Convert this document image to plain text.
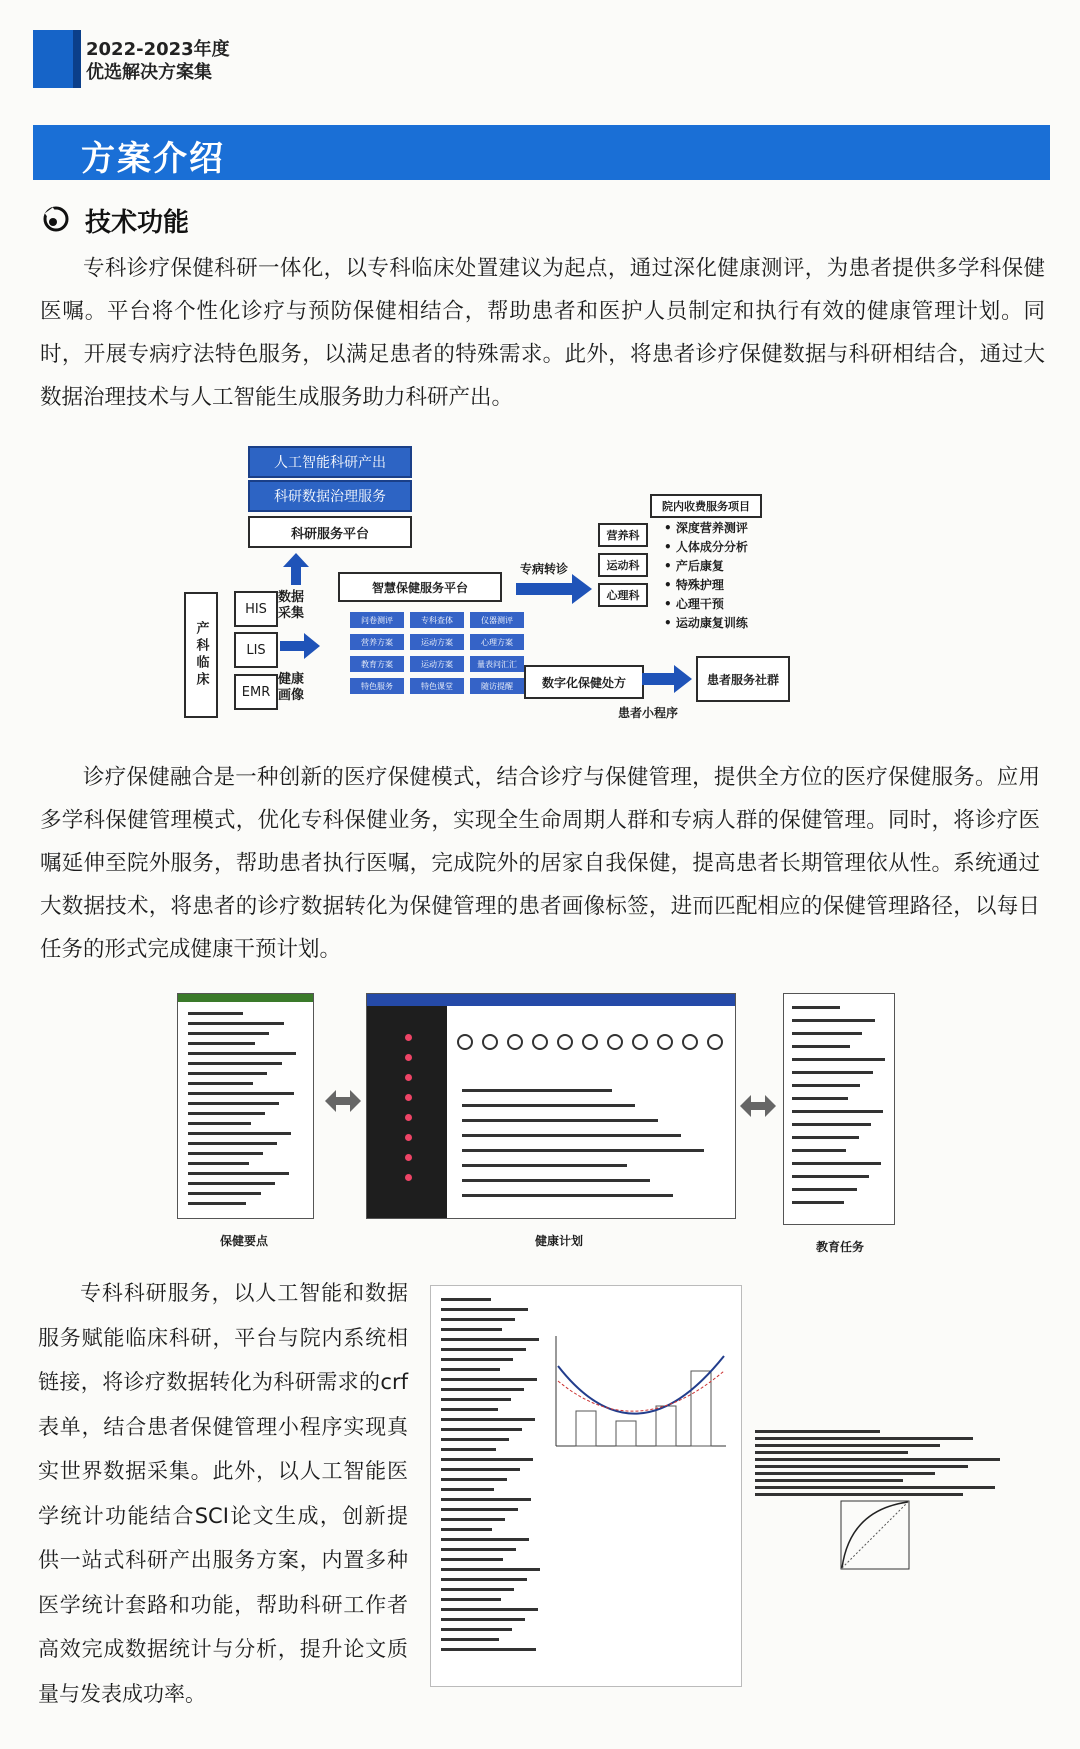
2022-2023年度
优选解决方案集
方案介绍
技术功能
专科诊疗保健科研一体化，以专科临床处置建议为起点，通过深化健康测评，为患者提供多学科保健医嘱。平台将个性化诊疗与预防保健相结合，帮助患者和医护人员制定和执行有效的健康管理计划。同时，开展专病疗法特色服务，以满足患者的特殊需求。此外，将患者诊疗保健数据与科研相结合，通过大数据治理技术与人工智能生成服务助力科研产出。
人工智能科研产出
科研数据治理服务
科研服务平台
产科临床
HIS
LIS
EMR
数据采集
健康画像
智慧保健服务平台
问卷测评	专科查体	仪器测评
营养方案	运动方案	心理方案
教育方案	运动方案	量表问汇汇
特色服务	特色课堂	随访提醒
专病转诊
营养科
运动科
心理科
院内收费服务项目
• 深度营养测评
• 人体成分分析
• 产后康复
• 特殊护理
• 心理干预
• 运动康复训练
数字化保健处方	患者服务社群
患者小程序
诊疗保健融合是一种创新的医疗保健模式，结合诊疗与保健管理，提供全方位的医疗保健服务。应用多学科保健管理模式，优化专科保健业务，实现全生命周期人群和专病人群的保健管理。同时，将诊疗医嘱延伸至院外服务，帮助患者执行医嘱，完成院外的居家自我保健，提高患者长期管理依从性。系统通过大数据技术，将患者的诊疗数据转化为保健管理的患者画像标签，进而匹配相应的保健管理路径，以每日任务的形式完成健康干预计划。
保健要点	健康计划	教育任务
专科科研服务，以人工智能和数据服务赋能临床科研，平台与院内系统相链接，将诊疗数据转化为科研需求的crf表单，结合患者保健管理小程序实现真实世界数据采集。此外，以人工智能医学统计功能结合SCI论文生成，创新提供一站式科研产出服务方案，内置多种医学统计套路和功能，帮助科研工作者高效完成数据统计与分析，提升论文质量与发表成功率。
